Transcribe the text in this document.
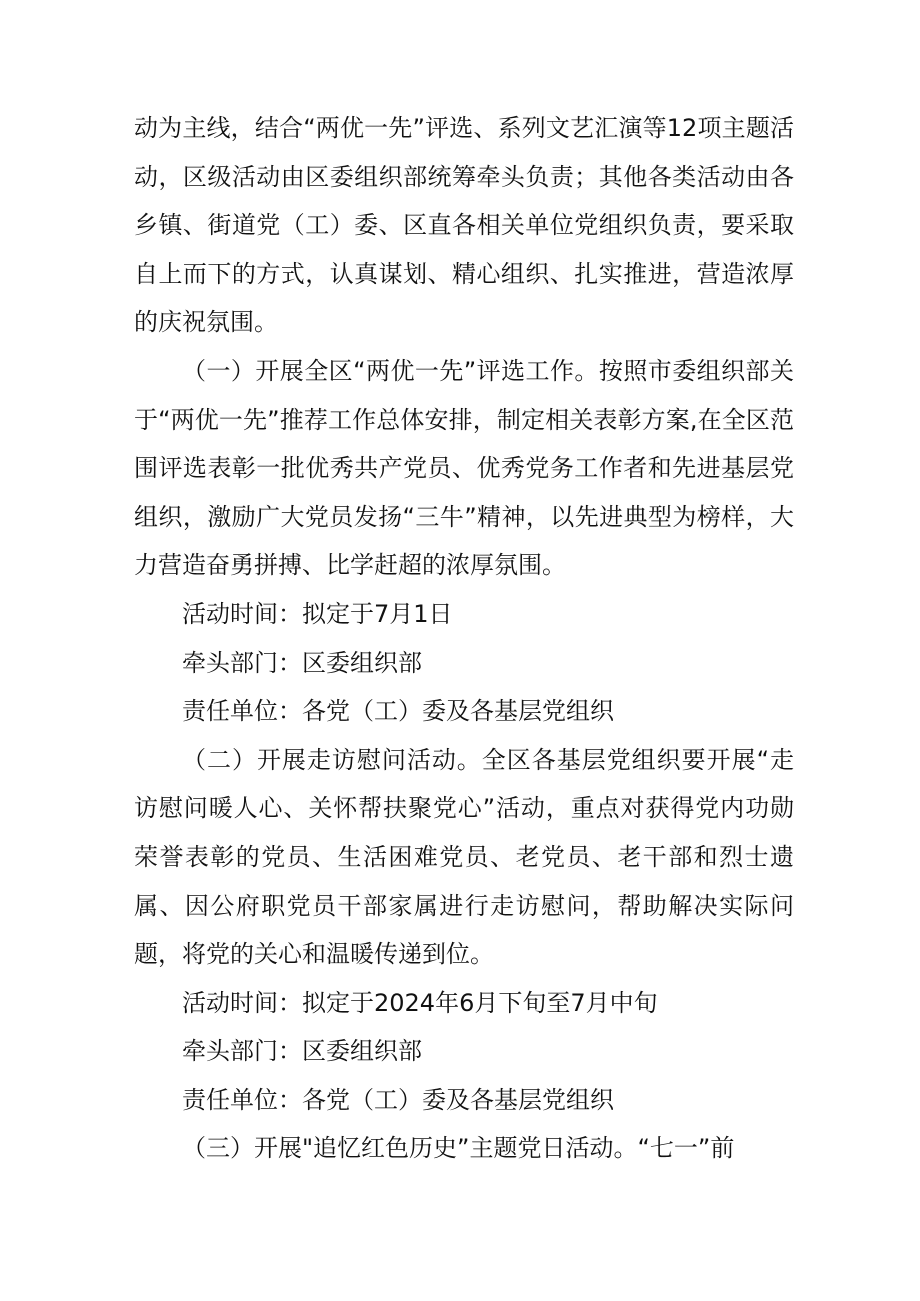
动为主线，结合“两优一先”评选、系列文艺汇演等12项主题活动，区级活动由区委组织部统筹牵头负责；其他各类活动由各乡镇、街道党（工）委、区直各相关单位党组织负责，要采取自上而下的方式，认真谋划、精心组织、扎实推进，营造浓厚的庆祝氛围。

（一）开展全区“两优一先”评选工作。按照市委组织部关于“两优一先”推荐工作总体安排，制定相关表彰方案,在全区范围评选表彰一批优秀共产党员、优秀党务工作者和先进基层党组织，激励广大党员发扬“三牛”精神，以先进典型为榜样，大力营造奋勇拼搏、比学赶超的浓厚氛围。

活动时间：拟定于7月1日

牵头部门：区委组织部

责任单位：各党（工）委及各基层党组织

（二）开展走访慰问活动。全区各基层党组织要开展“走访慰问暖人心、关怀帮扶聚党心”活动，重点对获得党内功勋荣誉表彰的党员、生活困难党员、老党员、老干部和烈士遗属、因公府职党员干部家属进行走访慰问，帮助解决实际问题，将党的关心和温暖传递到位。

活动时间：拟定于2024年6月下旬至7月中旬

牵头部门：区委组织部

责任单位：各党（工）委及各基层党组织

（三）开展"追忆红色历史”主题党日活动。“七一”前
